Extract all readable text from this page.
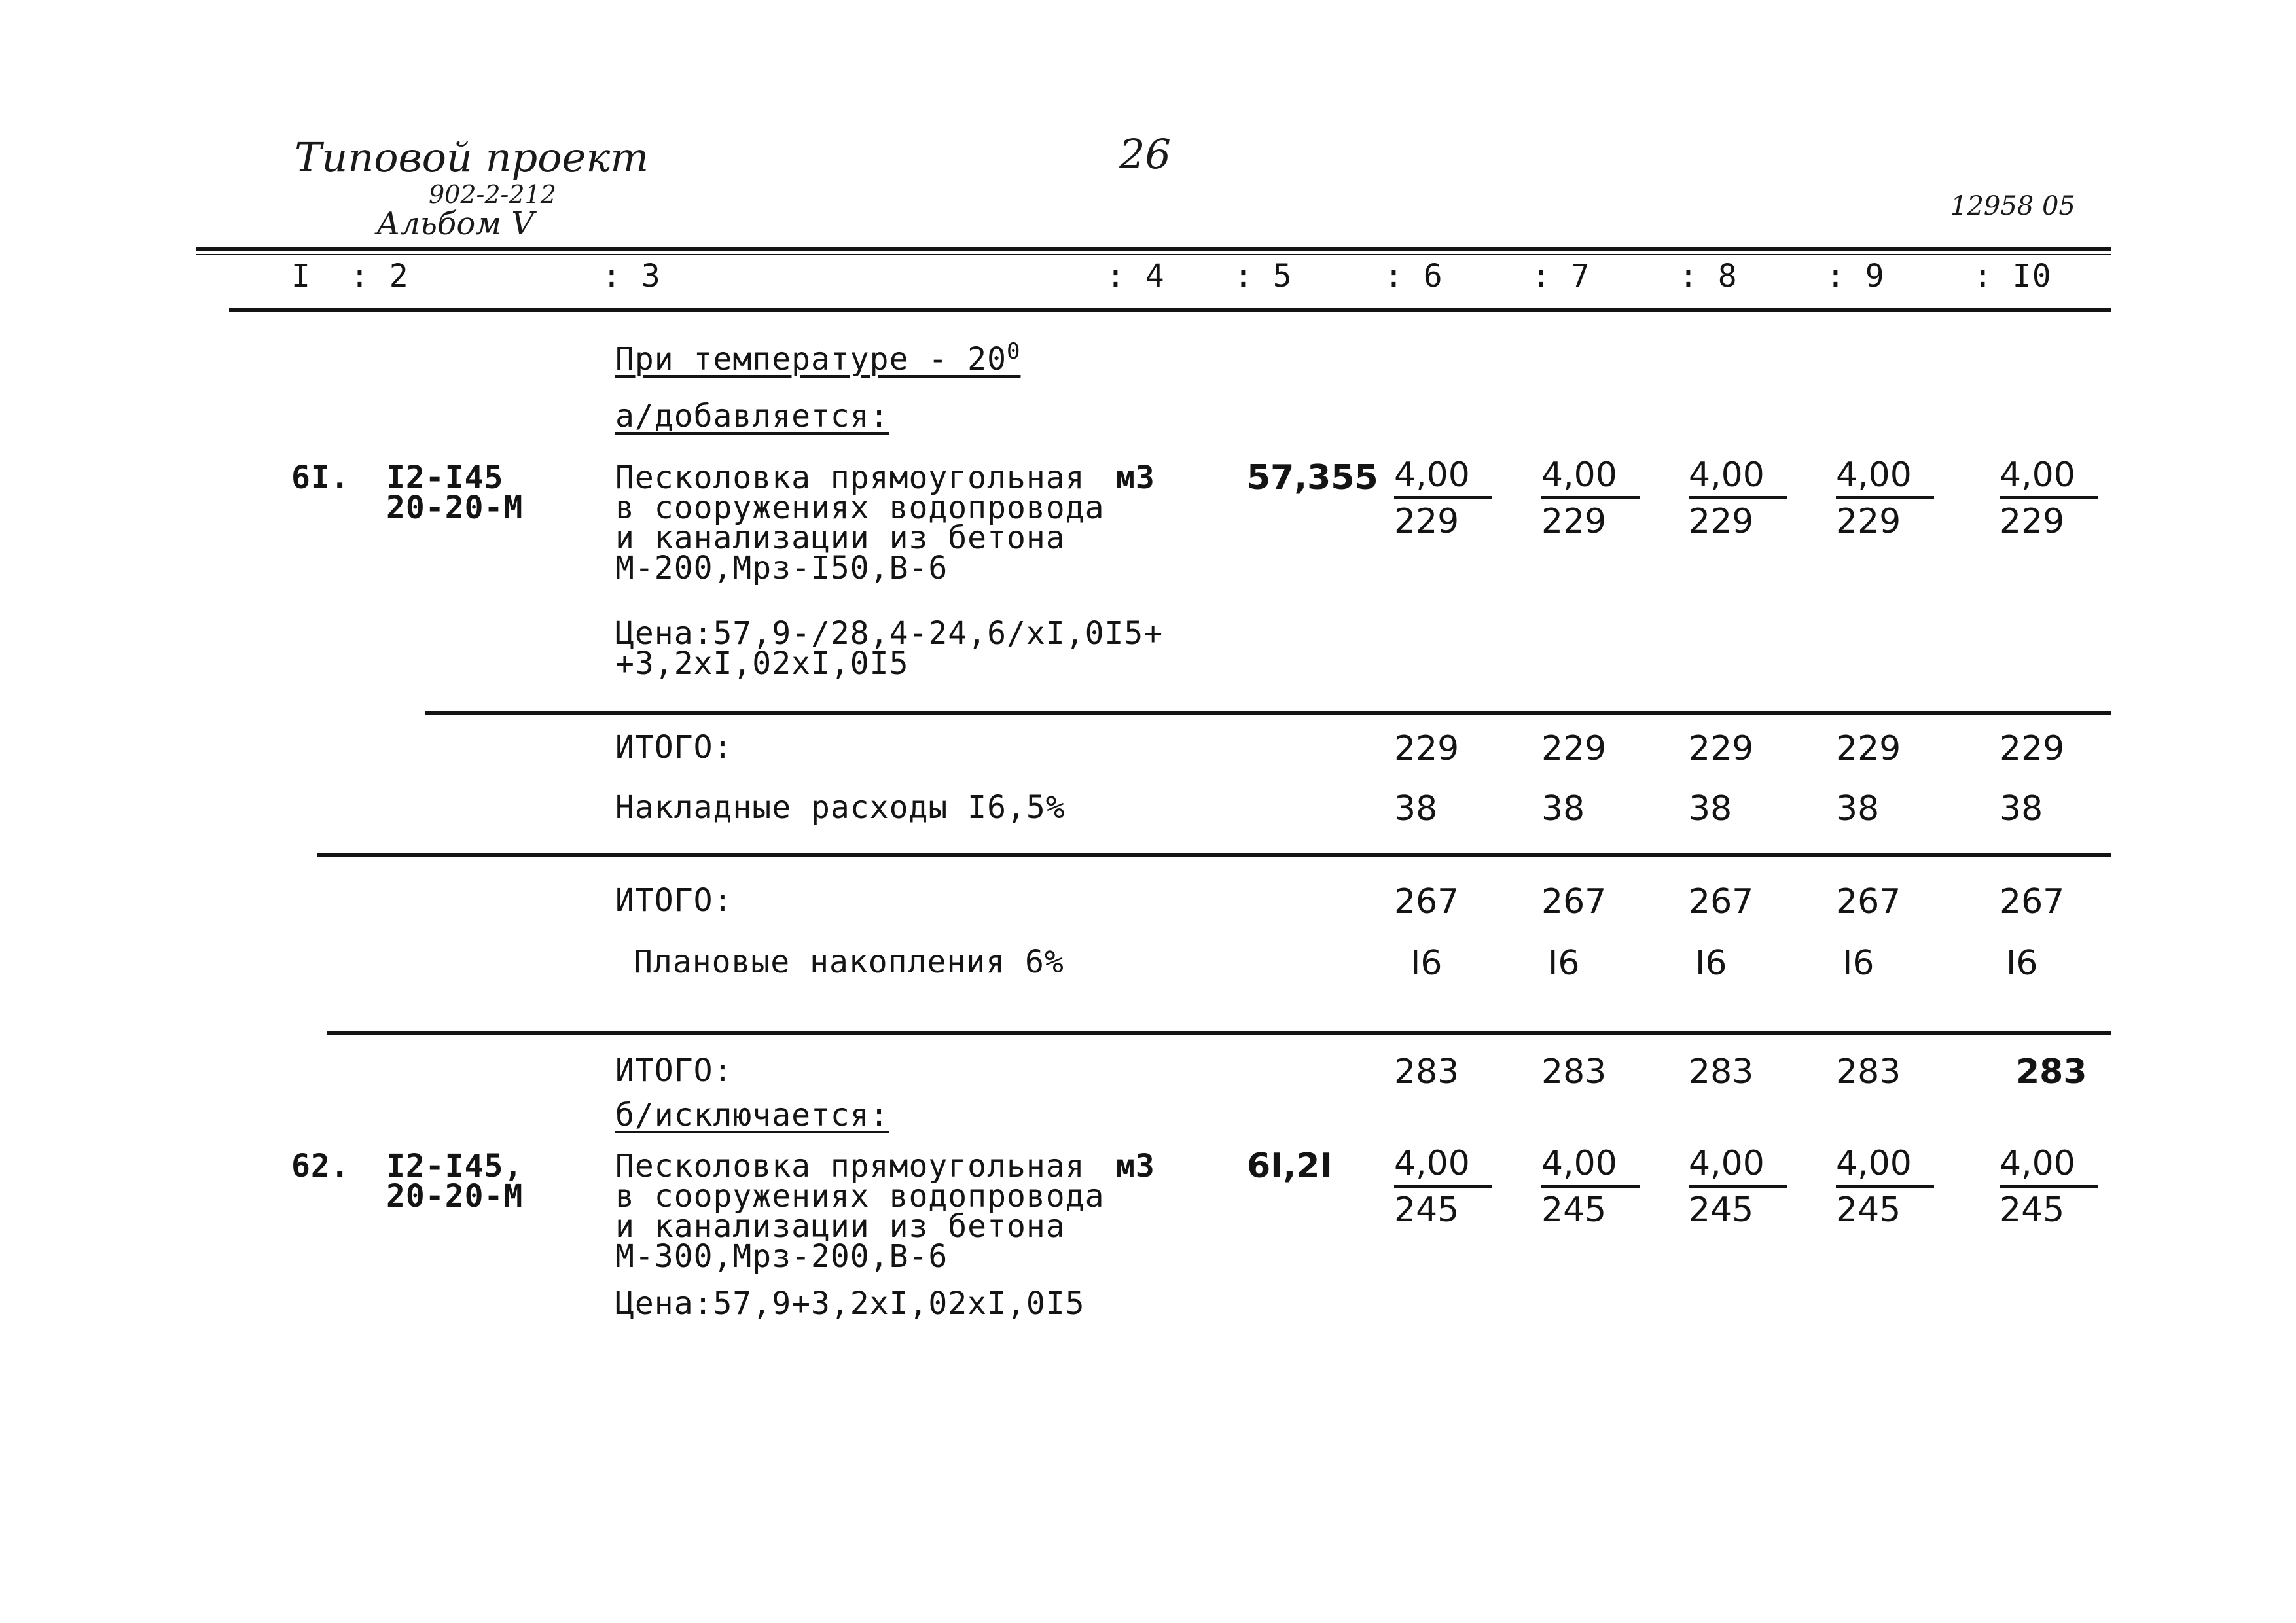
Типовой проект
902-2-212
Альбом V
26
12958 05
I : 2	: 3	: 4 : 5	: 6	: 7	: 8	: 9	: I0
При температуре - $20^0$
а/добавляется:
6I. I2-I45
20-20-М
Песколовка прямоугольная
в сооружениях водопровода
и канализации из бетона
М-200,Мрз-I50,В-6
м3	57,355
Цена:57,9-/28,4-24,6/хI,0I5+
+3,2хI,02хI,0I5
$\frac{4,00}{229} \frac{4,00}{229} \frac{4,00}{229} \frac{4,00}{229} \frac{4,00}{229}$
ИТОГО:	229 229 229 229	229
Накладные расходы I6,5%	38	38	38	38	38
ИТОГО:	267 267 267 267	267
Плановые накопления 6%	I6	I6	I6	I6	I6
ИТОГО:	283 283 283 283	283
б/исключается:
62. I2-I45,
20-20-М
Песколовка прямоугольная
в сооружениях водопровода
и канализации из бетона
М-300,Мрз-200,В-6
м3	6I,2I
Цена:57,9+3,2хI,02хI,0I5
$\frac{4,00}{245} \frac{4,00}{245} \frac{4,00}{245} \frac{4,00}{245} \frac{4,00}{245}$
